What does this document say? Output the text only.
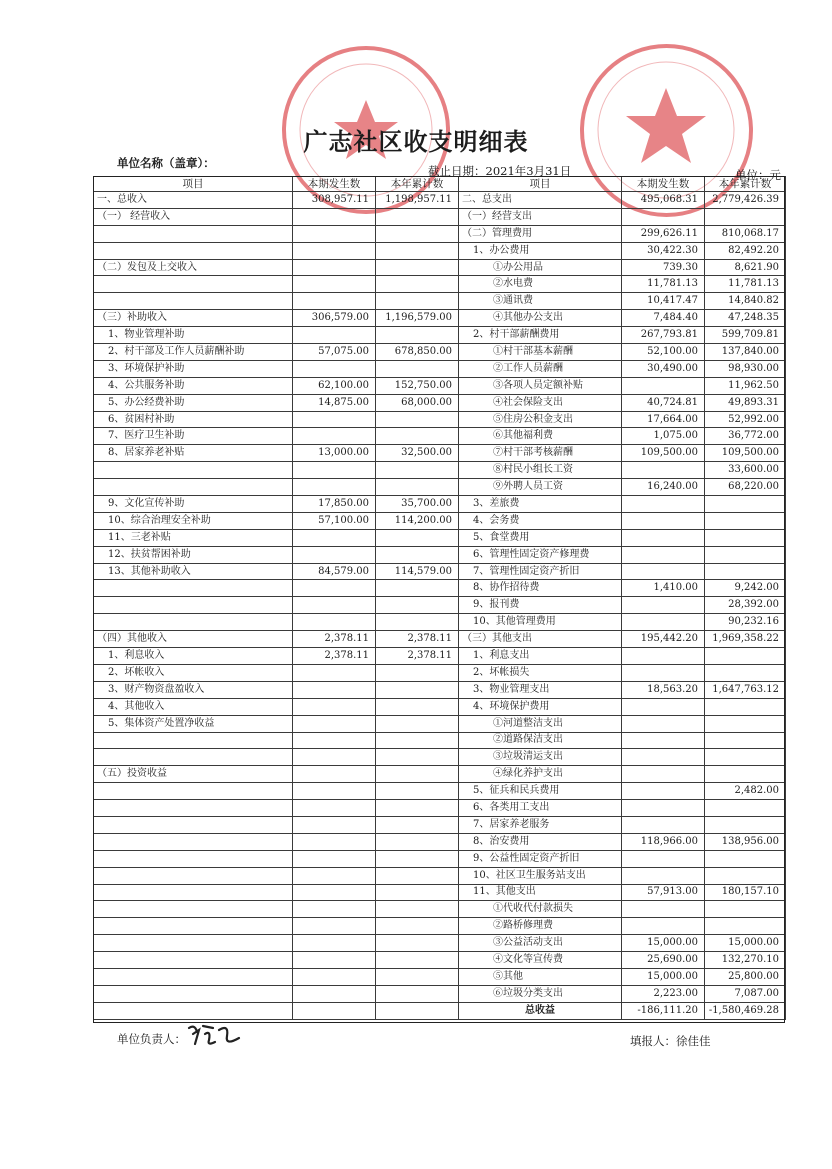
广志社区收支明细表
单位名称（盖章）：
截止日期：2021年3月31日	单位：元
项目	本期发生数	本年累计数	项目	本期发生数	本年累计数
一、总收入	308,957.11	1,198,957.11	二、总支出	495,068.31	2,779,426.39
（一） 经营收入			（一）经营支出		
			（二）管理费用	299,626.11	810,068.17
			1、办公费用	30,422.30	82,492.20
（二）发包及上交收入			①办公用品	739.30	8,621.90
			②水电费	11,781.13	11,781.13
			③通讯费	10,417.47	14,840.82
（三）补助收入	306,579.00	1,196,579.00	④其他办公支出	7,484.40	47,248.35
1、物业管理补助			2、村干部薪酬费用	267,793.81	599,709.81
2、村干部及工作人员薪酬补助	57,075.00	678,850.00	①村干部基本薪酬	52,100.00	137,840.00
3、环境保护补助			②工作人员薪酬	30,490.00	98,930.00
4、公共服务补助	62,100.00	152,750.00	③各项人员定额补贴		11,962.50
5、办公经费补助	14,875.00	68,000.00	④社会保险支出	40,724.81	49,893.31
6、贫困村补助			⑤住房公积金支出	17,664.00	52,992.00
7、医疗卫生补助			⑥其他福利费	1,075.00	36,772.00
8、居家养老补贴	13,000.00	32,500.00	⑦村干部考核薪酬	109,500.00	109,500.00
			⑧村民小组长工资		33,600.00
			⑨外聘人员工资	16,240.00	68,220.00
9、文化宣传补助	17,850.00	35,700.00	3、差旅费		
10、综合治理安全补助	57,100.00	114,200.00	4、会务费		
11、三老补贴			5、食堂费用		
12、扶贫帮困补助			6、管理性固定资产修理费		
13、其他补助收入	84,579.00	114,579.00	7、管理性固定资产折旧		
			8、协作招待费	1,410.00	9,242.00
			9、报刊费		28,392.00
			10、其他管理费用		90,232.16
（四）其他收入	2,378.11	2,378.11	（三）其他支出	195,442.20	1,969,358.22
1、利息收入	2,378.11	2,378.11	1、利息支出		
2、坏帐收入			2、坏帐损失		
3、财产物资盘盈收入			3、物业管理支出	18,563.20	1,647,763.12
4、其他收入			4、环境保护费用		
5、集体资产处置净收益			①河道整洁支出		
			②道路保洁支出		
			③垃圾清运支出		
（五）投资收益			④绿化养护支出		
			5、征兵和民兵费用		2,482.00
			6、各类用工支出		
			7、居家养老服务		
			8、治安费用	118,966.00	138,956.00
			9、公益性固定资产折旧		
			10、社区卫生服务站支出		
			11、其他支出	57,913.00	180,157.10
			①代收代付款损失		
			②路桥修理费		
			③公益活动支出	15,000.00	15,000.00
			④文化等宣传费	25,690.00	132,270.10
			⑤其他	15,000.00	25,800.00
			⑥垃圾分类支出	2,223.00	7,087.00
			总收益	-186,111.20	-1,580,469.28
单位负责人：	填报人：徐佳佳
